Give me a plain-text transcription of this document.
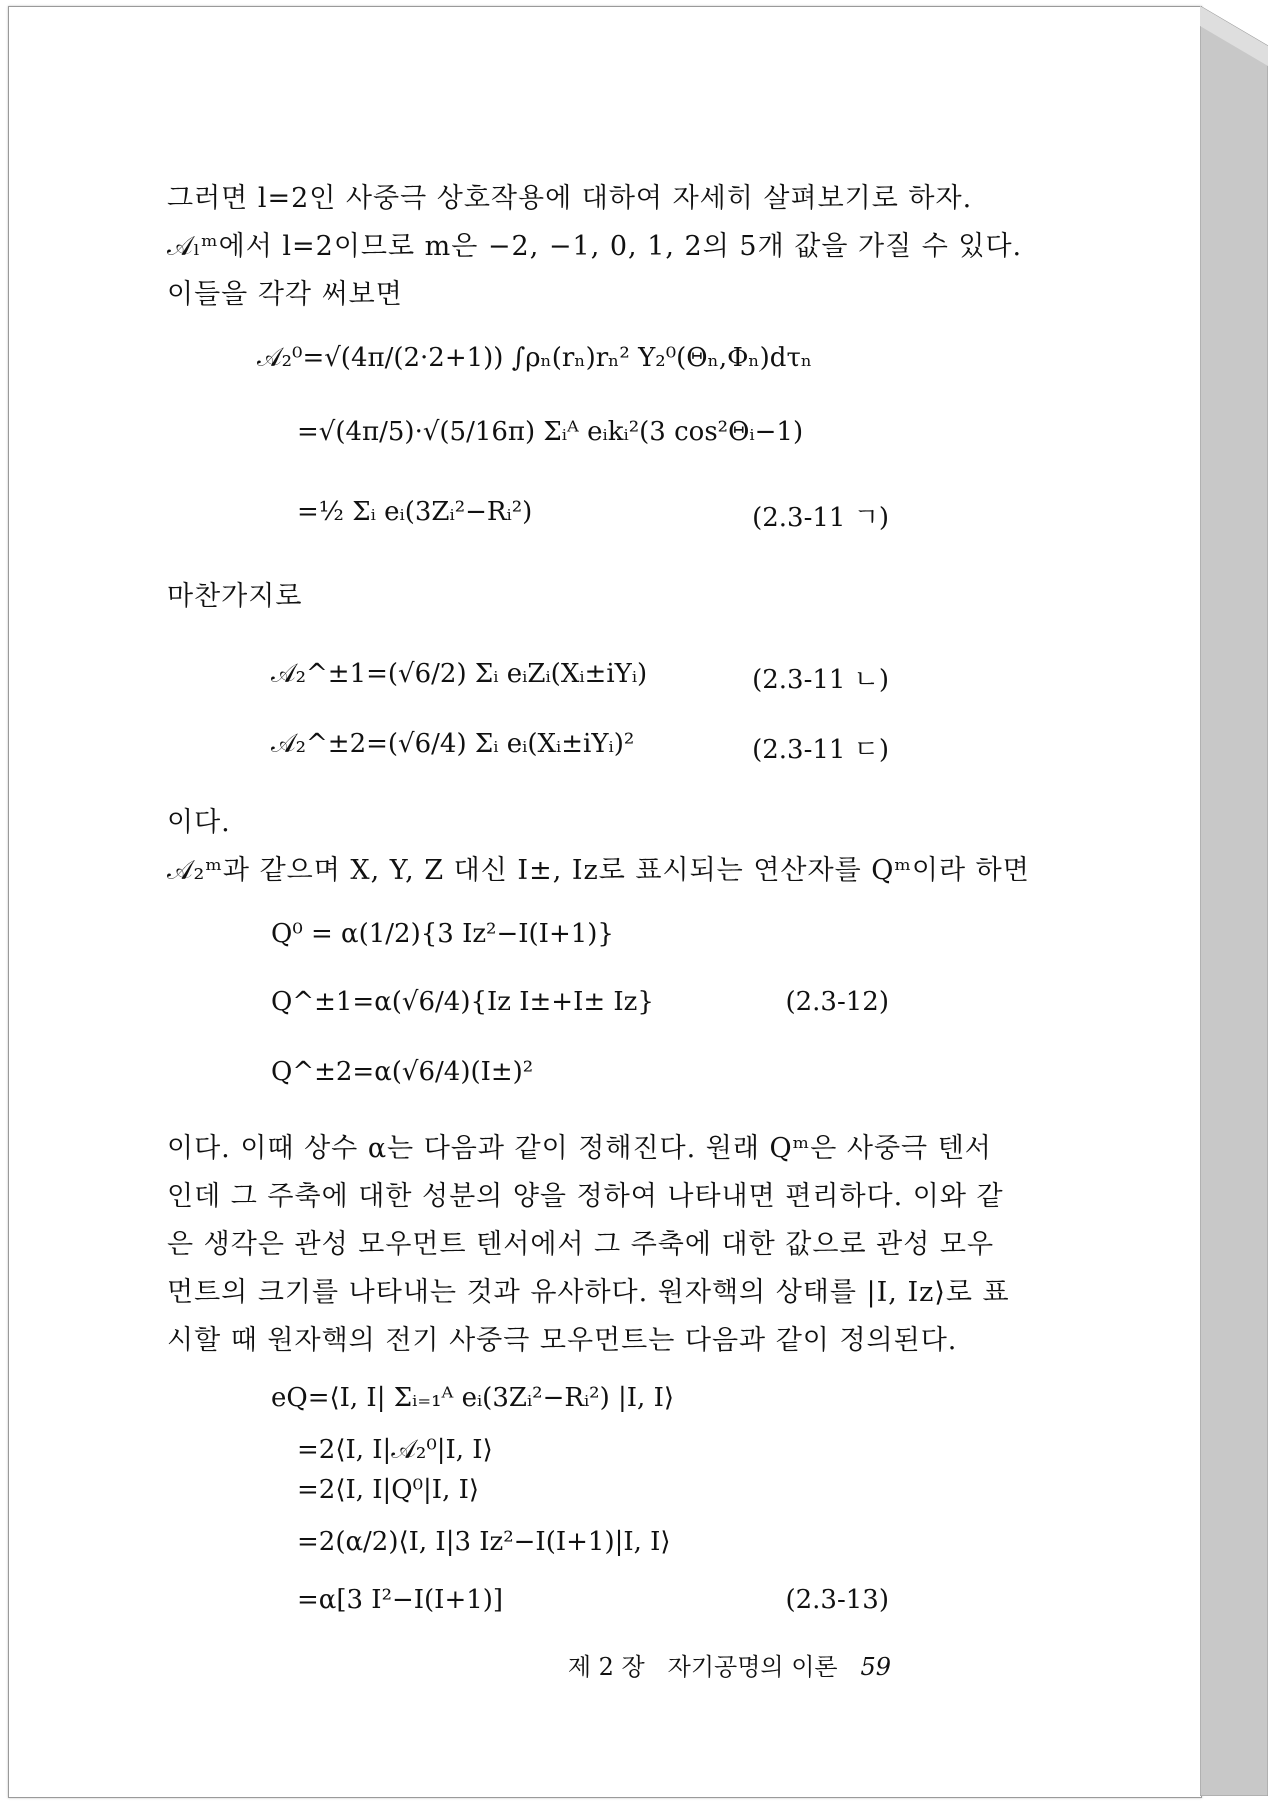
그러면 l=2인 사중극 상호작용에 대하여 자세히 살펴보기로 하자.
𝒜ₗᵐ에서 l=2이므로 m은 −2, −1, 0, 1, 2의 5개 값을 가질 수 있다.
이들을 각각 써보면
𝒜₂⁰=√(4π/(2·2+1)) ∫ρₙ(rₙ)rₙ² Y₂⁰(Θₙ,Φₙ)dτₙ
=√(4π/5)·√(5/16π) Σᵢᴬ eᵢkᵢ²(3 cos²Θᵢ−1)
=½ Σᵢ eᵢ(3Zᵢ²−Rᵢ²)	(2.3-11 ㄱ)
마찬가지로
𝒜₂^±1=(√6/2) Σᵢ eᵢZᵢ(Xᵢ±iYᵢ)	(2.3-11 ㄴ)
𝒜₂^±2=(√6/4) Σᵢ eᵢ(Xᵢ±iYᵢ)²	(2.3-11 ㄷ)
이다.
𝒜₂ᵐ과 같으며 X, Y, Z 대신 I±, Iz로 표시되는 연산자를 Qᵐ이라 하면
Q⁰ = α(1/2){3 Iz²−I(I+1)}
Q^±1=α(√6/4){Iz I±+I± Iz}	(2.3-12)
Q^±2=α(√6/4)(I±)²
이다. 이때 상수 α는 다음과 같이 정해진다. 원래 Qᵐ은 사중극 텐서
인데 그 주축에 대한 성분의 양을 정하여 나타내면 편리하다. 이와 같
은 생각은 관성 모우먼트 텐서에서 그 주축에 대한 값으로 관성 모우
먼트의 크기를 나타내는 것과 유사하다. 원자핵의 상태를 |I, Iz⟩로 표
시할 때 원자핵의 전기 사중극 모우먼트는 다음과 같이 정의된다.
eQ=⟨I, I| Σᵢ₌₁ᴬ eᵢ(3Zᵢ²−Rᵢ²) |I, I⟩
=2⟨I, I|𝒜₂⁰|I, I⟩
=2⟨I, I|Q⁰|I, I⟩
=2(α/2)⟨I, I|3 Iz²−I(I+1)|I, I⟩
=α[3 I²−I(I+1)]	(2.3-13)
제 2 장 자기공명의 이론 59
